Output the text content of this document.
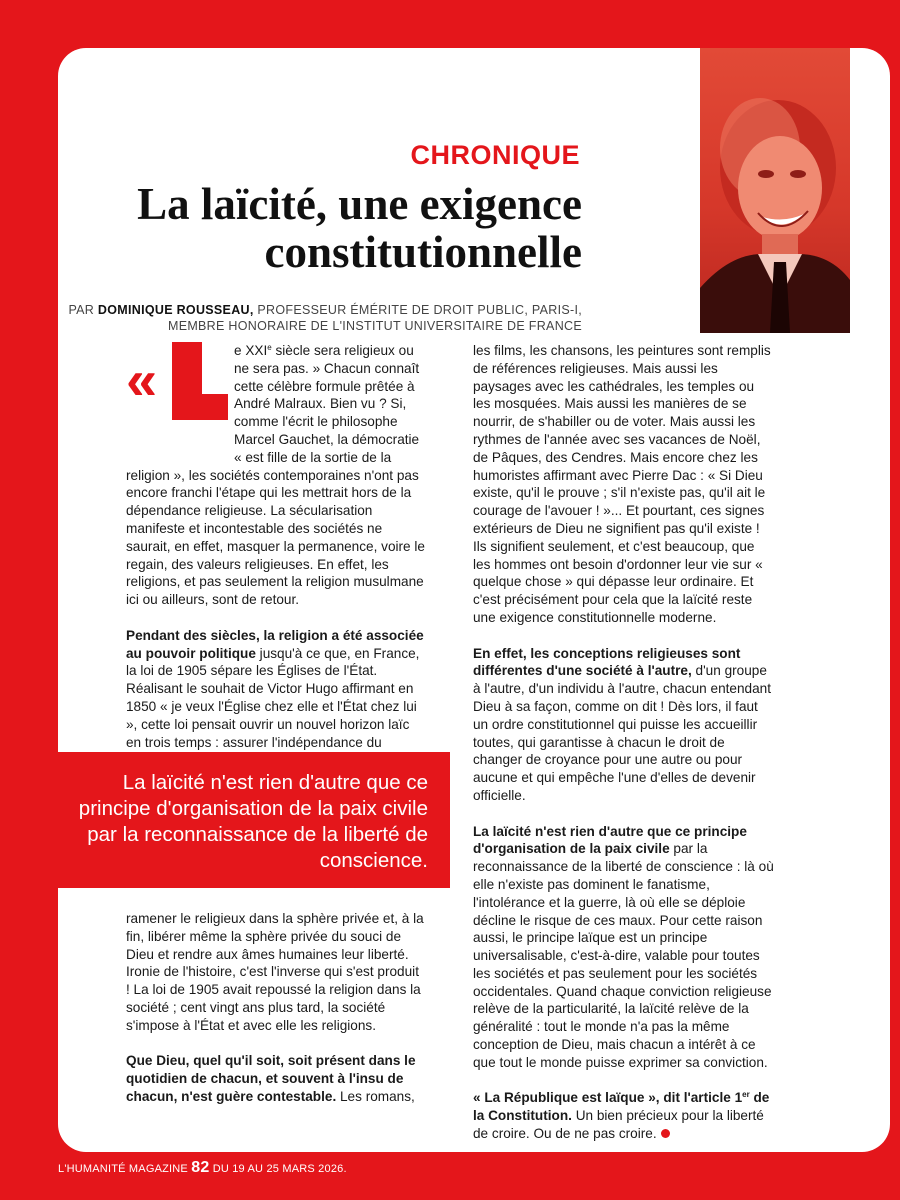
CHRONIQUE
La laïcité, une exigence constitutionnelle
PAR DOMINIQUE ROUSSEAU, PROFESSEUR ÉMÉRITE DE DROIT PUBLIC, PARIS-I, MEMBRE HONORAIRE DE L'INSTITUT UNIVERSITAIRE DE FRANCE

«	e XXIe siècle sera religieux ou ne sera pas. » Chacun connaît cette célèbre formule prêtée à André Malraux. Bien vu ? Si, comme l'écrit le philosophe Marcel Gauchet, la démocratie « est fille de la sortie de la religion », les sociétés contemporaines n'ont pas encore franchi l'étape qui les mettrait hors de la dépendance religieuse. La sécularisation manifeste et incontestable des sociétés ne saurait, en effet, masquer la permanence, voire le regain, des valeurs religieuses. En effet, les religions, et pas seulement la religion musulmane ici ou ailleurs, sont de retour.

Pendant des siècles, la religion a été associée au pouvoir politique jusqu'à ce que, en France, la loi de 1905 sépare les Églises de l'État. Réalisant le souhait de Victor Hugo affirmant en 1850 « je veux l'Église chez elle et l'État chez lui », cette loi pensait ouvrir un nouvel horizon laïc en trois temps : assurer l'indépendance du

La laïcité n'est rien d'autre que ce principe d'organisation de la paix civile par la reconnaissance de la liberté de conscience.

ramener le religieux dans la sphère privée et, à la fin, libérer même la sphère privée du souci de Dieu et rendre aux âmes humaines leur liberté. Ironie de l'histoire, c'est l'inverse qui s'est produit ! La loi de 1905 avait repoussé la religion dans la société ; cent vingt ans plus tard, la société s'impose à l'État et avec elle les religions.

Que Dieu, quel qu'il soit, soit présent dans le quotidien de chacun, et souvent à l'insu de chacun, n'est guère contestable. Les romans,

les films, les chansons, les peintures sont remplis de références religieuses. Mais aussi les paysages avec les cathédrales, les temples ou les mosquées. Mais aussi les manières de se nourrir, de s'habiller ou de voter. Mais aussi les rythmes de l'année avec ses vacances de Noël, de Pâques, des Cendres. Mais encore chez les humoristes affirmant avec Pierre Dac : « Si Dieu existe, qu'il le prouve ; s'il n'existe pas, qu'il ait le courage de l'avouer ! »... Et pourtant, ces signes extérieurs de Dieu ne signifient pas qu'il existe ! Ils signifient seulement, et c'est beaucoup, que les hommes ont besoin d'ordonner leur vie sur « quelque chose » qui dépasse leur ordinaire. Et c'est précisément pour cela que la laïcité reste une exigence constitutionnelle moderne.

En effet, les conceptions religieuses sont différentes d'une société à l'autre, d'un groupe à l'autre, d'un individu à l'autre, chacun entendant Dieu à sa façon, comme on dit ! Dès lors, il faut un ordre constitutionnel qui puisse les accueillir toutes, qui garantisse à chacun le droit de changer de croyance pour une autre ou pour aucune et qui empêche l'une d'elles de devenir officielle.

La laïcité n'est rien d'autre que ce principe d'organisation de la paix civile par la reconnaissance de la liberté de conscience : là où elle n'existe pas dominent le fanatisme, l'intolérance et la guerre, là où elle se déploie décline le risque de ces maux. Pour cette raison aussi, le principe laïque est un principe universalisable, c'est-à-dire, valable pour toutes les sociétés et pas seulement pour les sociétés occidentales. Quand chaque conviction religieuse relève de la particularité, la laïcité relève de la généralité : tout le monde n'a pas la même conception de Dieu, mais chacun a intérêt à ce que tout le monde puisse exprimer sa conviction.

« La République est laïque », dit l'article 1er de la Constitution. Un bien précieux pour la liberté de croire. Ou de ne pas croire.

L'HUMANITÉ MAGAZINE 82 DU 19 AU 25 MARS 2026.
